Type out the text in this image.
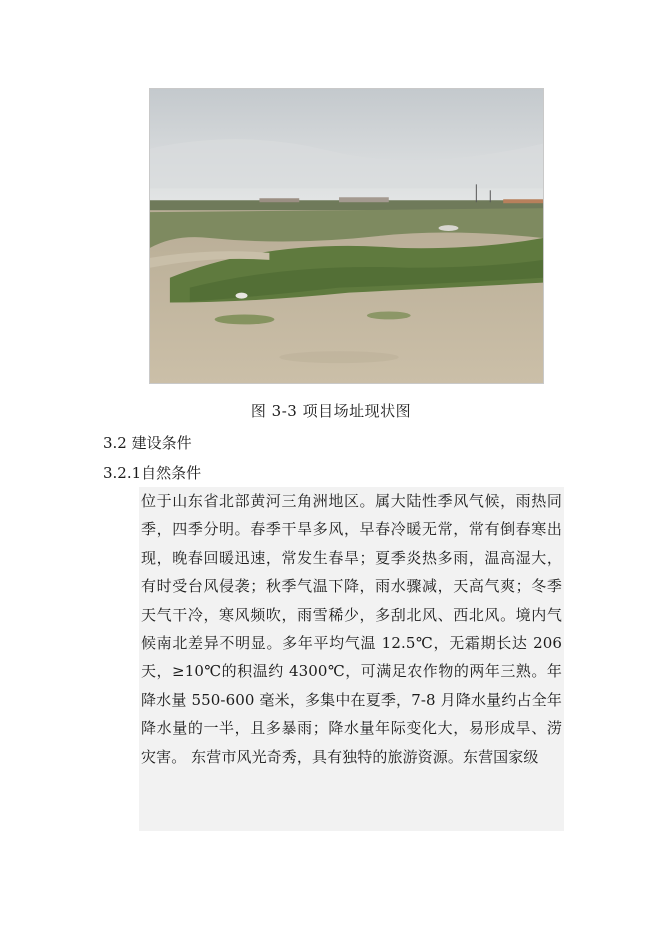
图 3-3 项目场址现状图
3.2 建设条件
3.2.1自然条件
位于山东省北部黄河三角洲地区。属大陆性季风气候，雨热同
季，四季分明。春季干旱多风，早春冷暖无常，常有倒春寒出
现，晚春回暖迅速，常发生春旱；夏季炎热多雨，温高湿大，
有时受台风侵袭；秋季气温下降，雨水骤减，天高气爽；冬季
天气干冷，寒风频吹，雨雪稀少，多刮北风、西北风。境内气
候南北差异不明显。多年平均气温 12.5℃，无霜期长达 206
天，≥10℃的积温约 4300℃，可满足农作物的两年三熟。年
降水量 550-600 毫米，多集中在夏季，7-8 月降水量约占全年
降水量的一半，且多暴雨；降水量年际变化大，易形成旱、涝
灾害。 东营市风光奇秀，具有独特的旅游资源。东营国家级
